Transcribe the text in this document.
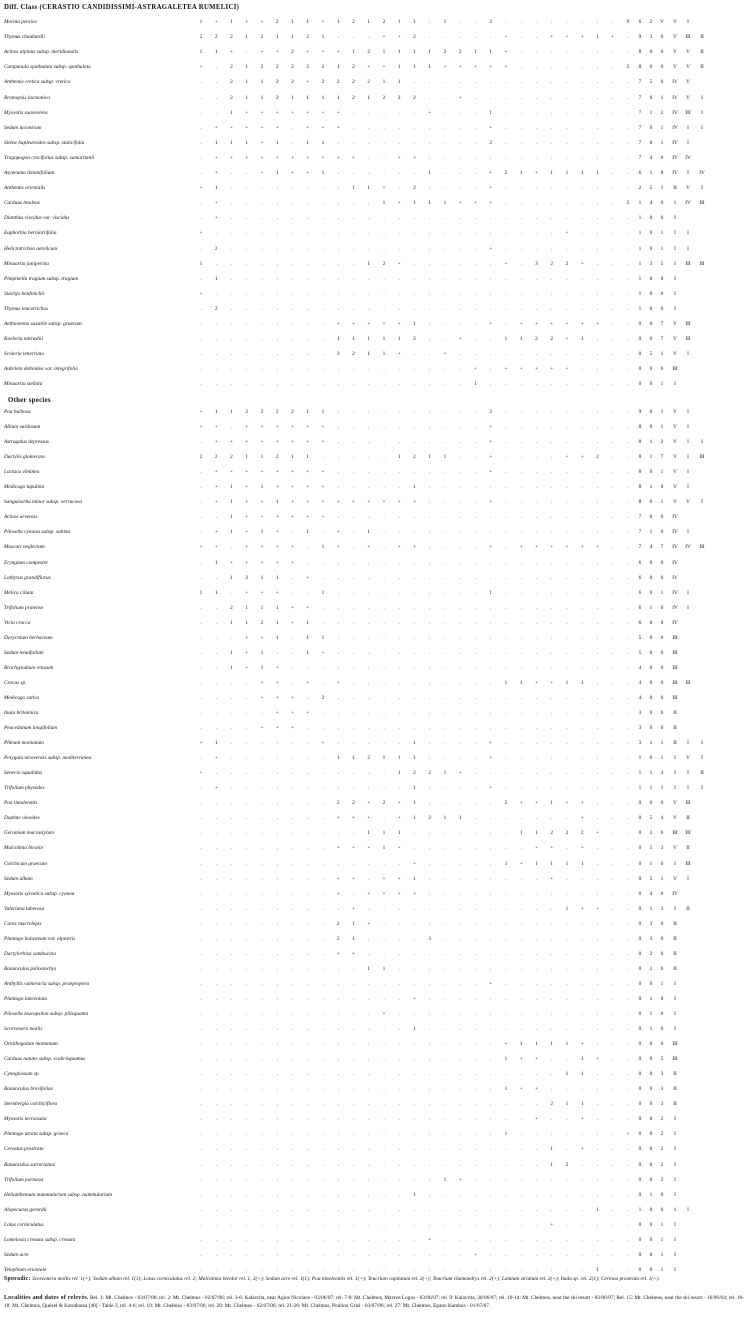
Diff. Class (CERASTIO CANDIDISSIMI-ASTRAGALETEA RUMELICI)
Morina persica	1	+	1	+	+	2	1	1	+	1	2	1	2	1	1	.	1	.	.	2	.	.	.	.	.	.	.	.	9	6	2	V	V	I
Thymus chaubardii	2	2	2	1	2	1	1	2	1	.	.	.	+	+	2	.	.	.	.	.	+	.	.	+	+	+	1	+	.	9	3	6	V	III	II
Acinos alpinus subsp. meridionalis	1	1	+	.	+	+	2	+	+	+	1	2	1	1	1	1	2	2	1	1	+	.	.	.	.	.	.	.	.	8	6	6	V	V	II
Campanula spathulata subsp. spathulata	+	.	2	1	2	2	2	2	2	1	2	+	+	1	1	1	+	+	+	+	+	.	.	.	.	.	.	.	2	8	6	6	V	V	II
Anthemis cretica subsp. cretica	.	.	2	1	1	2	2	+	2	2	2	2	1	1	.	.	.	.	.	.	.	.	.	.	.	.	.	.	.	7	5	0	IV	V
Bromopsis lacmonica	.	.	2	1	1	2	1	1	1	1	2	1	2	2	2	.	.	+	.	.	.	.	.	.	.	.	.	.	.	7	6	1	IV	V	I
Myosotis suaveolens	.	.	1	+	+	+	+	+	+	+	.	.	.	.	.	+	.	.	.	1	.	.	.	.	.	.	.	.	.	7	1	2	IV	III	I
Sedum laconicum	.	+	+	+	+	+	.	+	+	+	.	.	.	.	.	.	.	.	.	+	.	.	.	.	.	.	.	.	.	7	0	1	IV	I	I
Silene bupleuroides subsp. staticifolia	.	1	1	1	+	1	.	1	1	.	.	.	.	.	.	.	.	.	.	2	.	.	.	.	.	.	.	.	.	7	0	1	IV	I
Tragopogon crocifolius subsp. samaritanii	.	+	+	+	+	+	+	+	+	+	+	.	.	+	+	.	.	.	.	.	.	.	.	.	.	.	.	.	.	7	4	0	IV	IV
Asyneuma limonifolium	.	+	.	.	+	1	+	+	1	.	.	.	.	.	.	1	.	.	.	+	2	1	+	1	1	1	1	.	.	6	1	8	IV	I	IV
Anthemis orientalis	+	1	.	.	.	.	.	.	.	.	1	1	+	.	2	.	.	.	.	+	.	.	.	.	.	.	.	.	.	2	5	1	II	V	I
Carduus tmoleus	.	+	.	.	.	.	.	.	.	.	.	.	1	+	1	1	1	+	+	+	.	.	.	.	.	.	.	.	2	1	4	6	1	IV	III
Dianthus viscidus var. viscidus	.	+	.	.	.	.	.	.	.	.	.	.	.	.	.	.	.	.	.	.	.	.	.	.	.	.	.	.	.	1	0	0	I
Euphorbia herniariifolia	+	.	.	.	.	.	.	.	.	.	.	.	.	.	.	.	.	.	.	.	.	.	.	.	+	.	.	.	.	1	0	1	I	I
Helictotrichon aetolicum	.	2	.	.	.	.	.	.	.	.	.	.	.	.	.	.	.	.	.	+	.	.	.	.	.	.	.	.	.	1	0	1	I	I
Minuartia juniperina	1	.	.	.	.	.	.	.	.	.	.	1	2	+	.	.	.	.	.	.	+	.	3	2	2	+	.	.	.	1	3	5	I	III	III
Pimpinella tragium subsp. tragium	.	1	.	.	.	.	.	.	.	.	.	.	.	.	.	.	.	.	.	.	.	.	.	.	.	.	.	.	.	1	0	0	I
Stachys heldreichii	+	.	.	.	.	.	.	.	.	.	.	.	.	.	.	.	.	.	.	.	.	.	.	.	.	.	.	.	.	1	0	0	I
Thymus leucotrichus	.	2	.	.	.	.	.	.	.	.	.	.	.	.	.	.	.	.	.	.	.	.	.	.	.	.	.	.	.	1	0	0	I
Aethionema saxatile subsp. graecum	.	.	.	.	.	.	.	.	.	+	+	+	+	+	1	.	.	.	.	+	.	+	+	+	+	+	+	.	.	0	6	7	V	III
Koeleria mitrushii	.	.	.	.	.	.	.	.	.	1	1	1	1	1	2	.	.	+	.	.	1	1	2	2	+	1	.	.	.	0	6	7	V	III
Scoleria tenerrima	.	.	.	.	.	.	.	.	.	3	2	1	1	+	.	.	+	.	.	.	.	.	.	.	.	.	.	.	.	0	5	1	V	I
Aubrieta deltoidea var. integrifolia	.	.	.	.	.	.	.	.	.	.	.	.	.	.	.	.	.	.	+	.	+	+	+	+	+	.	.	.	.	0	0	6	III
Minuartia stellata	.	.	.	.	.	.	.	.	.	.	.	.	.	.	.	.	.	.	1	.	.	.	.	.	.	.	.	.	.	0	0	1	I
Other species
Poa bulbosa	+	1	1	2	2	2	2	1	1	.	.	.	.	.	.	.	.	.	.	2	.	.	.	.	.	.	.	.	.	9	0	1	V	I
Allium vardosum	+	+	.	+	+	+	+	+	+	.	.	.	.	.	.	.	.	.	.	+	.	.	.	.	.	.	.	.	.	8	0	1	V	I
Astragalus depressus	.	+	+	+	+	+	+	+	+	.	.	.	.	.	.	.	.	.	.	+	.	.	.	.	.	.	.	.	.	8	1	2	V	I	I
Dactylis glomerata	2	2	2	1	1	2	1	1	.	.	.	.	.	1	2	1	1	.	.	+	.	.	.	.	+	+	2	.	.	8	1	7	V	I	III
Lactuca viminea	.	+	+	+	+	+	+	+	+	.	.	.	.	.	.	.	.	.	.	+	.	.	.	.	.	.	.	.	.	8	0	1	V	I
Medicago lupulina	.	+	1	+	1	+	+	+	+	.	.	.	.	.	1	.	.	.	.	.	.	.	.	.	.	.	.	.	.	8	1	0	V	I
Sanguisorba minor subsp. verrucosa	.	+	1	+	+	1	+	+	+	+	+	+	+	+	+	.	.	.	.	+	.	.	.	.	.	.	.	.	.	8	6	1	V	V	I
Acinos arvensis	.	.	1	+	+	+	+	+	+	.	.	.	.	.	.	.	.	.	.	.	.	.	.	.	.	.	.	.	.	7	0	0	IV
Pilosella cymosa subsp. sabina	.	+	1	+	1	+	.	1	.	+	.	1	.	.	.	.	.	.	.	.	.	.	.	.	.	.	.	.	.	7	1	0	IV	I
Muscari neglectum	+	+	.	+	+	+	+	.	1	+	.	+	.	+	+	.	.	.	.	+	.	+	+	+	+	+	+	.	.	7	4	7	IV	IV	III
Eryngium campestre	.	1	+	+	+	+	+	.	.	.	.	.	.	.	.	.	.	.	.	.	.	.	.	.	.	.	.	.	.	6	0	0	IV
Lathyrus grandiflorus	.	.	1	2	1	1	.	+	.	.	.	.	.	.	.	.	.	.	.	.	.	.	.	.	.	.	.	.	.	6	0	0	IV
Melica ciliata	1	1	.	+	+	+	.	.	1	.	.	.	.	.	.	.	.	.	.	1	.	.	.	.	.	.	.	.	.	6	0	1	IV	I
Trifolium pratense	.	.	2	1	1	1	+	+	.	.	.	.	.	.	.	.	.	.	.	.	.	.	.	.	.	.	.	.	.	6	1	0	IV	I
Vicia cracca	.	.	1	1	2	1	+	1	.	.	.	.	.	.	.	.	.	.	.	.	.	.	.	.	.	.	.	.	.	6	0	0	IV
Dorycnium herbaceum	.	.	.	+	+	1	.	1	1	.	.	.	.	.	.	.	.	.	.	.	.	.	.	.	.	.	.	.	.	5	0	0	III
Sedum tenuifolium	.	.	1	+	1	.	.	1	+	.	.	.	.	.	.	.	.	.	.	.	.	.	.	.	.	.	.	.	.	5	0	0	III
Brachypodium retusum	.	.	1	+	1	+	.	.	.	.	.	.	.	.	.	.	.	.	.	.	.	.	.	.	.	.	.	.	.	4	0	0	III
Crocus sp.	.	.	.	.	+	+	.	+	.	+	.	.	.	.	.	.	.	.	.	.	1	1	+	+	1	1	.	.	.	4	0	6	III	III
Medicago sativa	.	.	.	.	+	+	+	.	2	.	.	.	.	.	.	.	.	.	.	.	.	.	.	.	.	.	.	.	.	4	0	0	III
Inula britannica	.	.	.	.	.	+	+	+	.	.	.	.	.	.	.	.	.	.	.	.	.	.	.	.	.	.	.	.	.	3	0	0	II
Peucedanum longifolium	.	.	.	.	+	+	+	.	.	.	.	.	.	.	.	.	.	.	.	.	.	.	.	.	.	.	.	.	.	3	0	0	II
Phleum montanum	+	1	.	.	.	.	.	.	+	.	.	.	.	.	1	.	.	.	.	+	.	.	.	.	.	.	.	.	.	3	1	1	II	I	I
Polygala nicaeensis subsp. mediterranea	.	+	.	.	.	.	.	.	.	1	1	2	1	1	1	.	.	.	.	+	.	.	.	.	.	.	.	.	.	1	6	1	I	V	I
Senecio squalidus	+	.	.	.	.	.	.	.	.	.	.	.	.	1	2	2	1	+	.	.	.	.	.	.	.	.	.	.	.	1	1	4	I	I	II
Trifolium physodes	.	+	.	.	.	.	.	.	.	.	.	.	.	.	1	.	.	.	.	+	.	.	.	.	.	.	.	.	.	1	1	1	I	I	I
Poa timoleontis	.	.	.	.	.	.	.	.	.	2	2	+	2	+	1	.	.	.	.	.	2	+	+	1	+	+	.	.	.	0	6	6	V	III
Daphne oleoides	.	.	.	.	.	.	.	.	.	+	+	+	.	+	1	2	1	1	.	.	.	.	.	.	.	+	.	.	.	0	5	4	V	II
Geranium macrostylum	.	.	.	.	.	.	.	.	.	.	.	1	1	1	.	.	.	.	.	.	.	1	1	2	2	2	+	.	.	0	3	6	III	III
Malcolmia bicolor	.	.	.	.	.	.	.	.	.	+	+	+	1	+	.	.	.	.	.	.	.	.	+	+	.	+	.	.	.	0	5	3	V	II
Colchicum graecum	.	.	.	.	.	.	.	.	.	.	.	.	.	.	+	.	.	.	.	.	1	+	1	1	1	1	.	.	.	0	1	6	I	III
Sedum album	.	.	.	.	.	.	.	.	.	+	+	.	+	+	1	.	.	.	.	.	.	.	.	+	.	.	.	.	.	0	5	1	V	I
Myosotis sylvatica subsp. cyanea	.	.	.	.	.	.	.	.	.	+	.	+	+	+	+	.	.	.	.	.	.	.	.	.	.	.	.	.	.	0	4	0	IV
Valeriana tuberosa	.	.	.	.	.	.	.	.	.	.	+	.	.	.	.	.	.	.	.	.	.	.	.	.	1	+	+	.	.	0	1	3	I	II
Carex macrolepis	.	.	.	.	.	.	.	.	.	2	1	+	.	.	.	.	.	.	.	.	.	.	.	.	.	.	.	.	.	0	3	0	II
Plantago holosteum var. alpestris	.	.	.	.	.	.	.	.	.	2	1	.	.	.	.	3	.	.	.	.	.	.	.	.	.	.	.	.	.	0	3	0	II
Dactylorhiza sambucina	.	.	.	.	.	.	.	.	.	+	+	.	.	.	.	.	.	.	.	.	.	.	.	.	.	.	.	.	.	0	2	0	II
Ranunculus psilostachys	.	.	.	.	.	.	.	.	.	.	.	1	1	.	.	.	.	.	.	.	.	.	.	.	.	.	.	.	.	0	2	0	II
Anthyllis vulneraria subsp. praepropera	.	.	.	.	.	.	.	.	.	.	.	.	.	.	.	.	.	.	.	+	.	.	.	.	.	.	.	.	.	0	0	1	I
Plantago lanceolata	.	.	.	.	.	.	.	.	.	.	.	.	.	.	+	.	.	.	.	.	.	.	.	.	.	.	.	.	.	0	1	0	I
Pilosella leucopsilon subsp. pilisquama	.	.	.	.	.	.	.	.	.	.	.	.	+	.	.	.	.	.	.	.	.	.	.	.	.	.	.	.	.	0	1	0	I
Scorzonera mollis	.	.	.	.	.	.	.	.	.	.	.	.	.	.	1	.	.	.	.	.	.	.	.	.	.	.	.	.	.	0	1	0	I
Ornithogalum montanum	.	.	.	.	.	.	.	.	.	.	.	.	.	.	.	.	.	.	.	.	+	1	1	1	1	+	.	.	.	0	0	6	III
Carduus nutans subsp. scabrisquamus	.	.	.	.	.	.	.	.	.	.	.	.	.	.	.	.	.	.	.	.	1	+	+	.	.	1	+	.	.	0	0	5	III
Cynoglossum sp.	.	.	.	.	.	.	.	.	.	.	.	.	.	.	.	.	.	.	.	.	.	.	.	.	1	1	.	.	.	0	0	3	II
Ranunculus brevifolius	.	.	.	.	.	.	.	.	.	.	.	.	.	.	.	.	.	.	.	.	1	+	+	.	.	.	.	.	.	0	0	3	II
Sternbergia colchiciflora	.	.	.	.	.	.	.	.	.	.	.	.	.	.	.	.	.	.	.	.	.	.	.	2	1	1	.	.	.	0	0	3	II
Myosotis incrassata	.	.	.	.	.	.	.	.	.	.	.	.	.	.	.	.	.	.	.	.	.	.	+	.	.	+	.	.	.	0	0	2	I
Plantago atrata subsp. graeca	.	.	.	.	.	.	.	.	.	.	.	.	.	.	.	.	.	.	.	.	1	.	.	.	.	.	.	.	+	0	0	2	I
Cerastus prostrata	.	.	.	.	.	.	.	.	.	.	.	.	.	.	.	.	.	.	.	.	.	.	.	1	.	+	.	.	.	0	0	2	I
Ranunculus sartorianus	.	.	.	.	.	.	.	.	.	.	.	.	.	.	.	.	.	.	.	.	.	.	.	1	2	.	.	.	.	0	0	2	I
Trifolium parnassi	.	.	.	.	.	.	.	.	.	.	.	.	.	.	.	.	1	+	.	.	.	.	.	.	.	.	.	.	.	0	0	2	I
Helianthemum nummularium subsp. nummularium	.	.	.	.	.	.	.	.	.	.	.	.	.	.	1	.	.	.	.	.	.	.	.	.	.	.	.	.	.	0	1	0	I
Alopecurus gerardii	.	.	.	.	.	.	.	.	.	.	.	.	.	.	.	.	.	.	.	.	.	.	.	.	.	.	1	.	.	1	0	0	1	I
Lotus corniculatus	.	.	.	.	.	.	.	.	.	.	.	.	.	.	.	.	.	.	.	.	.	.	.	+	.	.	.	.	.	0	0	1	I
Lomelosia crenata subsp. crenata	.	.	.	.	.	.	.	.	.	.	.	.	.	.	.	+	.	.	.	.	.	.	.	.	.	.	.	.	.	0	0	1	I
Sedum acre	.	.	.	.	.	.	.	.	.	.	.	.	.	.	.	.	.	.	+	.	.	.	.	.	.	.	.	.	.	0	0	1	I
Telephium orientale	.	.	.	.	.	.	.	.	.	.	.	.	.	.	.	.	.	.	.	.	.	.	.	.	.	.	1	.	.	0	0	1	I
Sporadic: Scorzonera mollis rel. 1(+); Sedum album rel. 1(1); Lotus corniculatus rel. 2; Malcolmia bicolor rel. 1, 2(+); Sedum acre rel. 1(1); Poa timoleontis rel. 1(+); Teucrium capitatum rel. 2(+); Teucrium chamaedrys rel. 2(+); Lamium striatum rel. 2(+); Inula sp. rel. 2(1); Cerinoa prostrata rel. 1(+).
Localities and dates of relevés. Rel. 1: Mt. Chelmos - 03/07/06; rel. 2: Mt. Chelmos - 02/07/06; rel. 3-6: Kalavrita, near Agios Nicolaos - 03/06/07; rel. 7-8: Mt. Chelmos, Mavros Logos - 03/06/07; rel. 9: Kalavrita, 30/06/07; rel. 10-14: Mt. Chelmos, near the ski resort - 03/06/07; Rel. 15: Mt. Chelmos, near the ski resort - 16/06/04; rel. 16-18: Mt. Chelmos, Quézel & Katrabassa [40] - Table 3, rel. 4-6; rel. 19: Mt. Chelmos - 03/07/06; rel. 20: Mt. Chelmos - 02/07/06; rel. 21-26: Mt. Chelmos, Pouliou Grisi - 03/07/06; rel. 27: Mt. Chelmos, Epano Kambos - 01/07/07.
